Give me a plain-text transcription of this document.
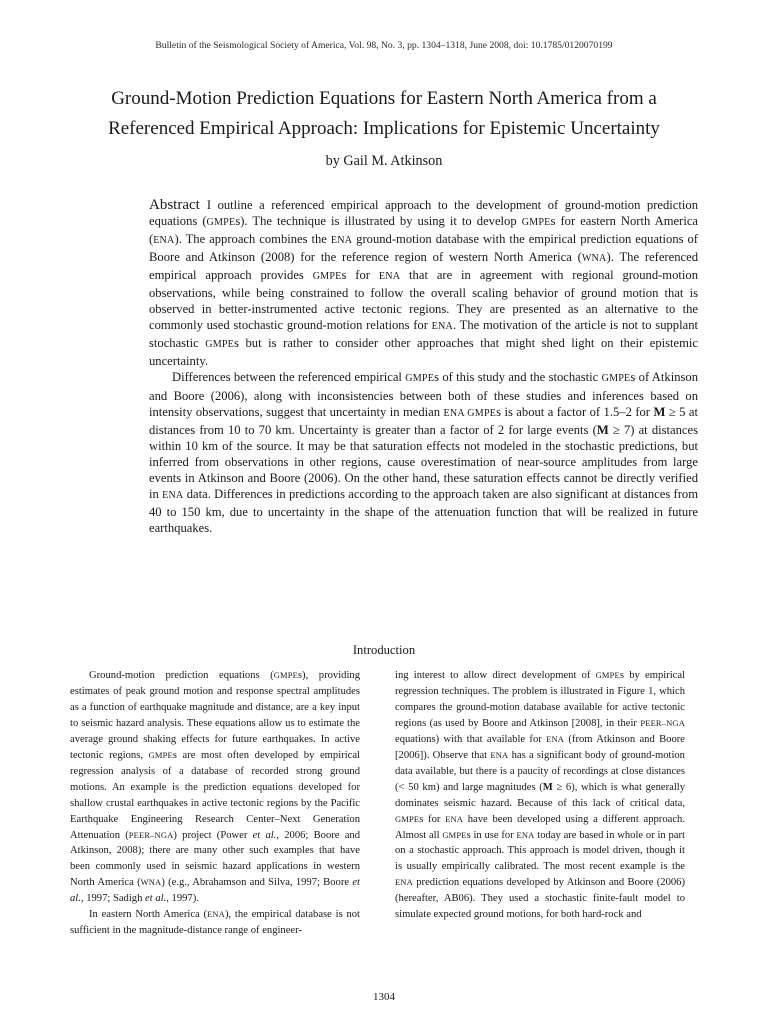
Bulletin of the Seismological Society of America, Vol. 98, No. 3, pp. 1304–1318, June 2008, doi: 10.1785/0120070199
Ground-Motion Prediction Equations for Eastern North America from a
Referenced Empirical Approach: Implications for Epistemic Uncertainty
by Gail M. Atkinson

Abstract I outline a referenced empirical approach to the development of ground-motion prediction equations (GMPEs). The technique is illustrated by using it to develop GMPEs for eastern North America (ENA). The approach combines the ENA ground-motion database with the empirical prediction equations of Boore and Atkinson (2008) for the reference region of western North America (WNA). The referenced empirical approach provides GMPEs for ENA that are in agreement with regional ground-motion observations, while being constrained to follow the overall scaling behavior of ground motion that is observed in better-instrumented active tectonic regions. They are presented as an alternative to the commonly used stochastic ground-motion relations for ENA. The motivation of the article is not to supplant stochastic GMPEs but is rather to consider other approaches that might shed light on their epistemic uncertainty.

Differences between the referenced empirical GMPEs of this study and the stochastic GMPEs of Atkinson and Boore (2006), along with inconsistencies between both of these studies and inferences based on intensity observations, suggest that uncertainty in median ENA GMPEs is about a factor of 1.5–2 for M ≥ 5 at distances from 10 to 70 km. Uncertainty is greater than a factor of 2 for large events (M ≥ 7) at distances within 10 km of the source. It may be that saturation effects not modeled in the stochastic predictions, but inferred from observations in other regions, cause overestimation of near-source amplitudes from large events in Atkinson and Boore (2006). On the other hand, these saturation effects cannot be directly verified in ENA data. Differences in predictions according to the approach taken are also significant at distances from 40 to 150 km, due to uncertainty in the shape of the attenuation function that will be realized in future earthquakes.

Introduction

Ground-motion prediction equations (GMPEs), providing estimates of peak ground motion and response spectral amplitudes as a function of earthquake magnitude and distance, are a key input to seismic hazard analysis. These equations allow us to estimate the average ground shaking effects for future earthquakes. In active tectonic regions, GMPEs are most often developed by empirical regression analysis of a database of recorded strong ground motions. An example is the prediction equations developed for shallow crustal earthquakes in active tectonic regions by the Pacific Earthquake Engineering Research Center–Next Generation Attenuation (PEER–NGA) project (Power et al., 2006; Boore and Atkinson, 2008); there are many other such examples that have been commonly used in seismic hazard applications in western North America (WNA) (e.g., Abrahamson and Silva, 1997; Boore et al., 1997; Sadigh et al., 1997).

In eastern North America (ENA), the empirical database is not sufficient in the magnitude-distance range of engineer-

ing interest to allow direct development of GMPEs by empirical regression techniques. The problem is illustrated in Figure 1, which compares the ground-motion database available for active tectonic regions (as used by Boore and Atkinson [2008], in their PEER–NGA equations) with that available for ENA (from Atkinson and Boore [2006]). Observe that ENA has a significant body of ground-motion data available, but there is a paucity of recordings at close distances (< 50 km) and large magnitudes (M ≥ 6), which is what generally dominates seismic hazard. Because of this lack of critical data, GMPEs for ENA have been developed using a different approach. Almost all GMPEs in use for ENA today are based in whole or in part on a stochastic approach. This approach is model driven, though it is usually empirically calibrated. The most recent example is the ENA prediction equations developed by Atkinson and Boore (2006) (hereafter, AB06). They used a stochastic finite-fault model to simulate expected ground motions, for both hard-rock and

1304
